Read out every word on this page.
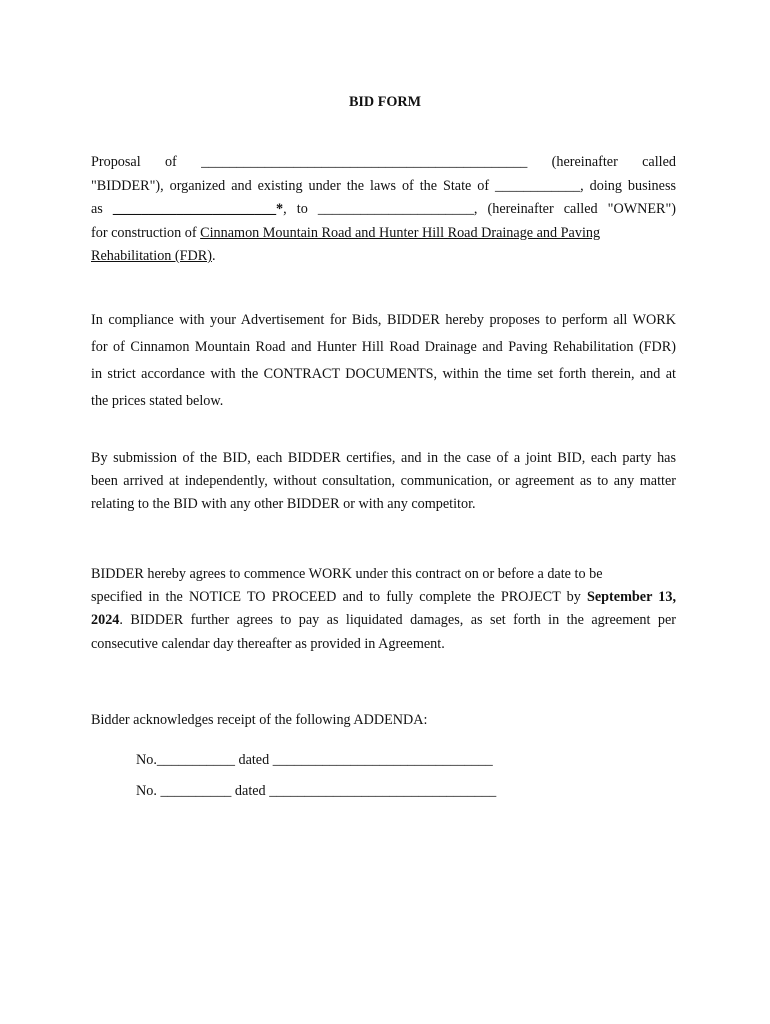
BID FORM
Proposal of ______________________________________________ (hereinafter called
"BIDDER"), organized and existing under the laws of the State of ____________, doing business
as _______________________*, to ______________________, (hereinafter called "OWNER")
for construction of Cinnamon Mountain Road and Hunter Hill Road Drainage and Paving
Rehabilitation (FDR).
In compliance with your Advertisement for Bids, BIDDER hereby proposes to perform all WORK
for of Cinnamon Mountain Road and Hunter Hill Road Drainage and Paving Rehabilitation (FDR)
in strict accordance with the CONTRACT DOCUMENTS, within the time set forth therein, and at
the prices stated below.
By submission of the BID, each BIDDER certifies, and in the case of a joint BID, each party has
been arrived at independently, without consultation, communication, or agreement as to any matter
relating to the BID with any other BIDDER or with any competitor.
BIDDER hereby agrees to commence WORK under this contract on or before a date to be
specified in the NOTICE TO PROCEED and to fully complete the PROJECT by September 13,
2024. BIDDER further agrees to pay as liquidated damages, as set forth in the agreement per
consecutive calendar day thereafter as provided in Agreement.
Bidder acknowledges receipt of the following ADDENDA:
No.___________ dated _______________________________
No. __________ dated ________________________________
